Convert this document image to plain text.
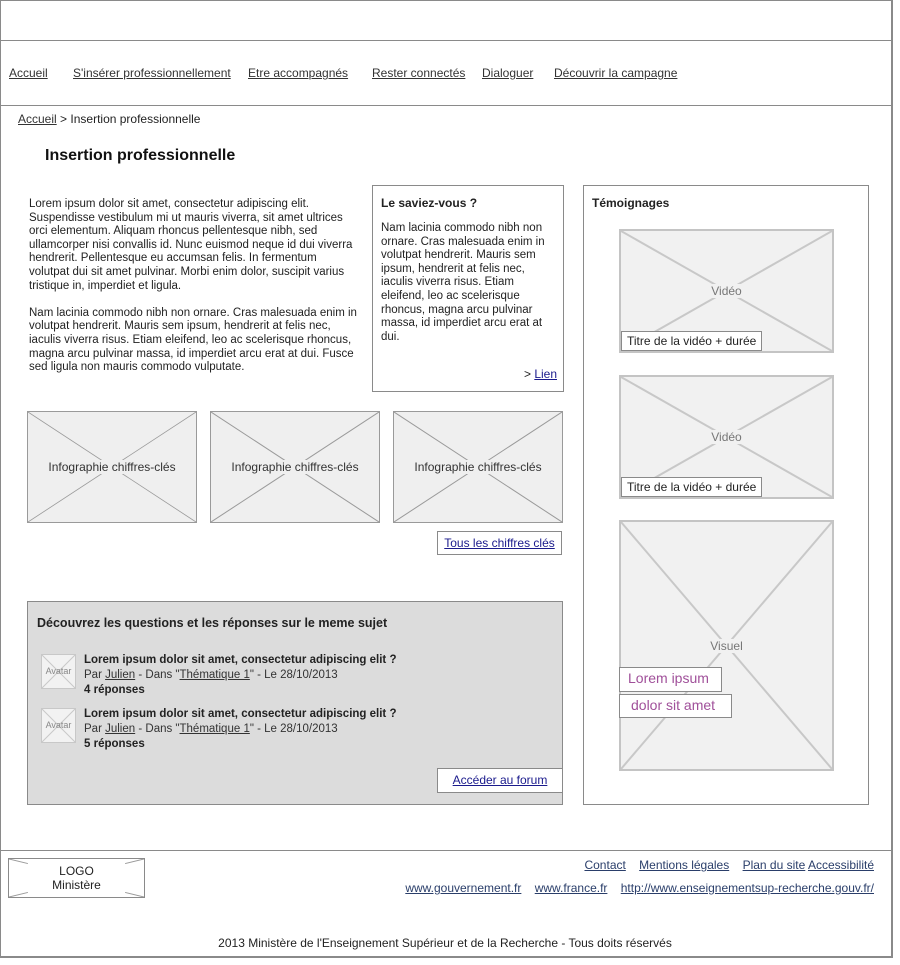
Accueil S'insérer professionnellement Etre accompagnés Rester connectés Dialoguer Découvrir la campagne
Accueil > Insertion professionnelle
Insertion professionnelle

Lorem ipsum dolor sit amet, consectetur adipiscing elit. Suspendisse vestibulum mi ut mauris viverra, sit amet ultrices orci elementum. Aliquam rhoncus pellentesque nibh, sed ullamcorper nisi convallis id. Nunc euismod neque id dui viverra hendrerit. Pellentesque eu accumsan felis. In fermentum volutpat dui sit amet pulvinar. Morbi enim dolor, suscipit varius tristique in, imperdiet et ligula.

Nam lacinia commodo nibh non ornare. Cras malesuada enim in volutpat hendrerit. Mauris sem ipsum, hendrerit at felis nec, iaculis viverra risus. Etiam eleifend, leo ac scelerisque rhoncus, magna arcu pulvinar massa, id imperdiet arcu erat at dui. Fusce sed ligula non mauris commodo vulputate.

Le saviez-vous ?

Nam lacinia commodo nibh non ornare. Cras malesuada enim in volutpat hendrerit. Mauris sem ipsum, hendrerit at felis nec, iaculis viverra risus. Etiam eleifend, leo ac scelerisque rhoncus, magna arcu pulvinar massa, id imperdiet arcu erat at dui.

> Lien
Infographie chiffres-clés	Infographie chiffres-clés	Infographie chiffres-clés
Tous les chiffres clés
Découvrez les questions et les réponses sur le meme sujet
Avatar
Lorem ipsum dolor sit amet, consectetur adipiscing elit ?
Par Julien - Dans "Thématique 1" - Le 28/10/2013
4 réponses
Avatar
Lorem ipsum dolor sit amet, consectetur adipiscing elit ?
Par Julien - Dans "Thématique 1" - Le 28/10/2013
5 réponses
Accéder au forum
Témoignages
Vidéo
Titre de la vidéo + durée
Vidéo
Titre de la vidéo + durée
Visuel
Lorem ipsum
dolor sit amet
LOGO
Ministère
Contact Mentions légales Plan du site Accessibilité
www.gouvernement.fr www.france.fr http://www.enseignementsup-recherche.gouv.fr/
2013 Ministère de l'Enseignement Supérieur et de la Recherche - Tous doits réservés
